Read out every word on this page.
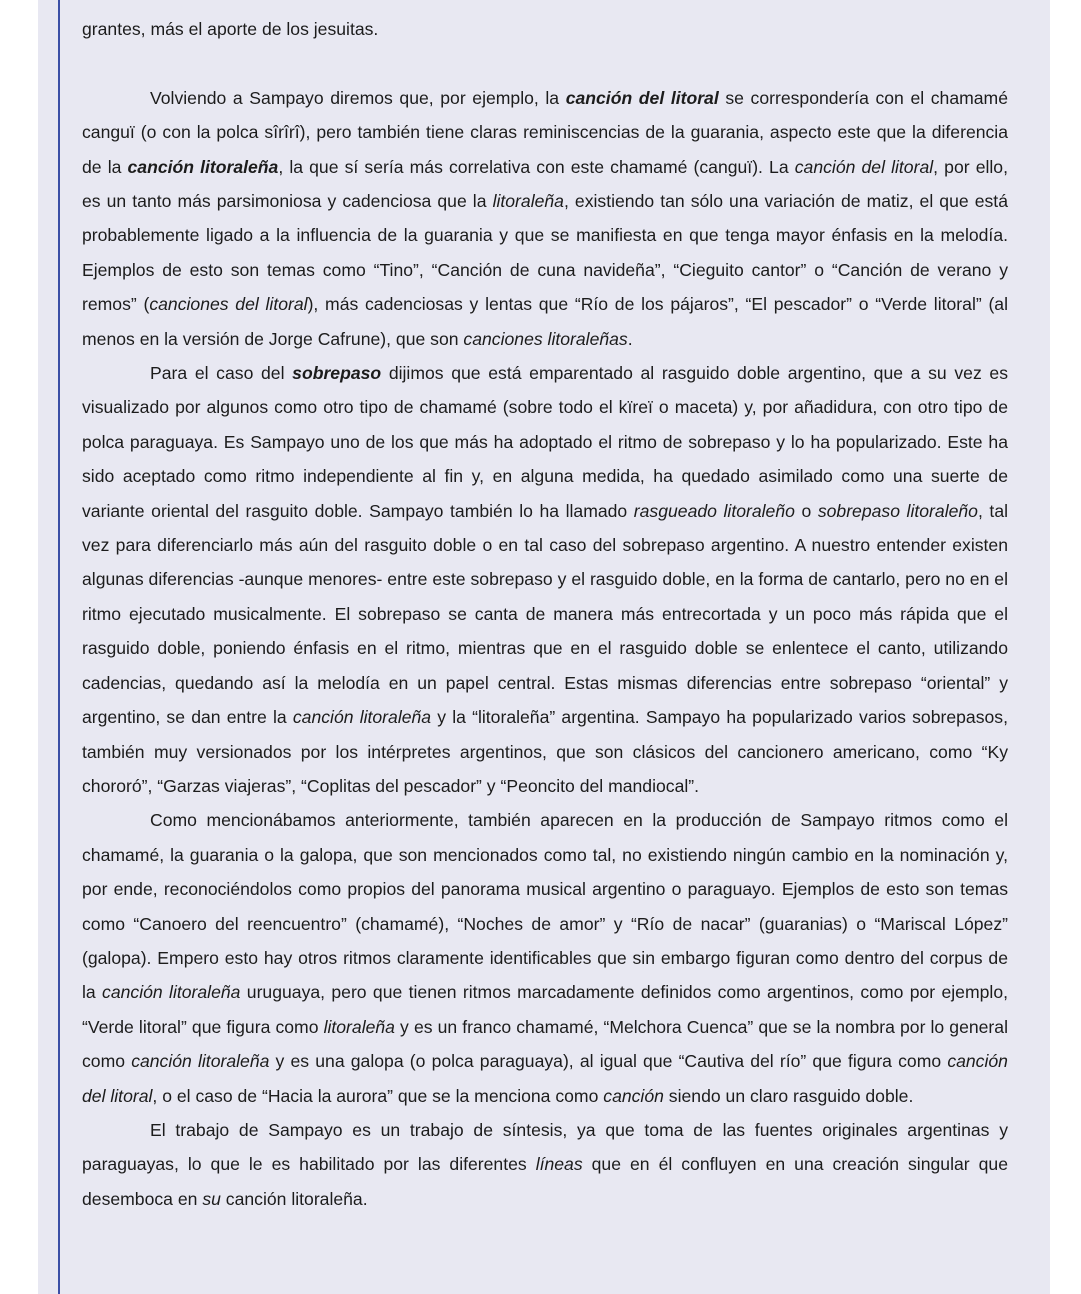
grantes, más el aporte de los jesuitas.

Volviendo a Sampayo diremos que, por ejemplo, la canción del litoral se correspondería con el chamamé canguï (o con la polca sîrîrî), pero también tiene claras reminiscencias de la guarania, aspecto este que la diferencia de la canción litoraleña, la que sí sería más correlativa con este chamamé (canguï). La canción del litoral, por ello, es un tanto más parsimoniosa y cadenciosa que la litoraleña, existiendo tan sólo una variación de matiz, el que está probablemente ligado a la influencia de la guarania y que se manifiesta en que tenga mayor énfasis en la melodía. Ejemplos de esto son temas como “Tino”, “Canción de cuna navideña”, “Cieguito cantor” o “Canción de verano y remos” (canciones del litoral), más cadenciosas y lentas que “Río de los pájaros”, “El pescador” o “Verde litoral” (al menos en la versión de Jorge Cafrune), que son canciones litoraleñas.

Para el caso del sobrepaso dijimos que está emparentado al rasguido doble argentino, que a su vez es visualizado por algunos como otro tipo de chamamé (sobre todo el kïreï o maceta) y, por añadidura, con otro tipo de polca paraguaya. Es Sampayo uno de los que más ha adoptado el ritmo de sobrepaso y lo ha popularizado. Este ha sido aceptado como ritmo independiente al fin y, en alguna medida, ha quedado asimilado como una suerte de variante oriental del rasguito doble. Sampayo también lo ha llamado rasgueado litoraleño o sobrepaso litoraleño, tal vez para diferenciarlo más aún del rasguito doble o en tal caso del sobrepaso argentino. A nuestro entender existen algunas diferencias -aunque menores- entre este sobrepaso y el rasguido doble, en la forma de cantarlo, pero no en el ritmo ejecutado musicalmente. El sobrepaso se canta de manera más entrecortada y un poco más rápida que el rasguido doble, poniendo énfasis en el ritmo, mientras que en el rasguido doble se enlentece el canto, utilizando cadencias, quedando así la melodía en un papel central. Estas mismas diferencias entre sobrepaso “oriental” y argentino, se dan entre la canción litoraleña y la “litoraleña” argentina. Sampayo ha popularizado varios sobrepasos, también muy versionados por los intérpretes argentinos, que son clásicos del cancionero americano, como “Ky chororó”, “Garzas viajeras”, “Coplitas del pescador” y “Peoncito del mandiocal”.

Como mencionábamos anteriormente, también aparecen en la producción de Sampayo ritmos como el chamamé, la guarania o la galopa, que son mencionados como tal, no existiendo ningún cambio en la nominación y, por ende, reconociéndolos como propios del panorama musical argentino o paraguayo. Ejemplos de esto son temas como “Canoero del reencuentro” (chamamé), “Noches de amor” y “Río de nacar” (guaranias) o “Mariscal López” (galopa). Empero esto hay otros ritmos claramente identificables que sin embargo figuran como dentro del corpus de la canción litoraleña uruguaya, pero que tienen ritmos marcadamente definidos como argentinos, como por ejemplo, “Verde litoral” que figura como litoraleña y es un franco chamamé, “Melchora Cuenca” que se la nombra por lo general como canción litoraleña y es una galopa (o polca paraguaya), al igual que “Cautiva del río” que figura como canción del litoral, o el caso de “Hacia la aurora” que se la menciona como canción siendo un claro rasguido doble.

El trabajo de Sampayo es un trabajo de síntesis, ya que toma de las fuentes originales argentinas y paraguayas, lo que le es habilitado por las diferentes líneas que en él confluyen en una creación singular que desemboca en su canción litoraleña.
